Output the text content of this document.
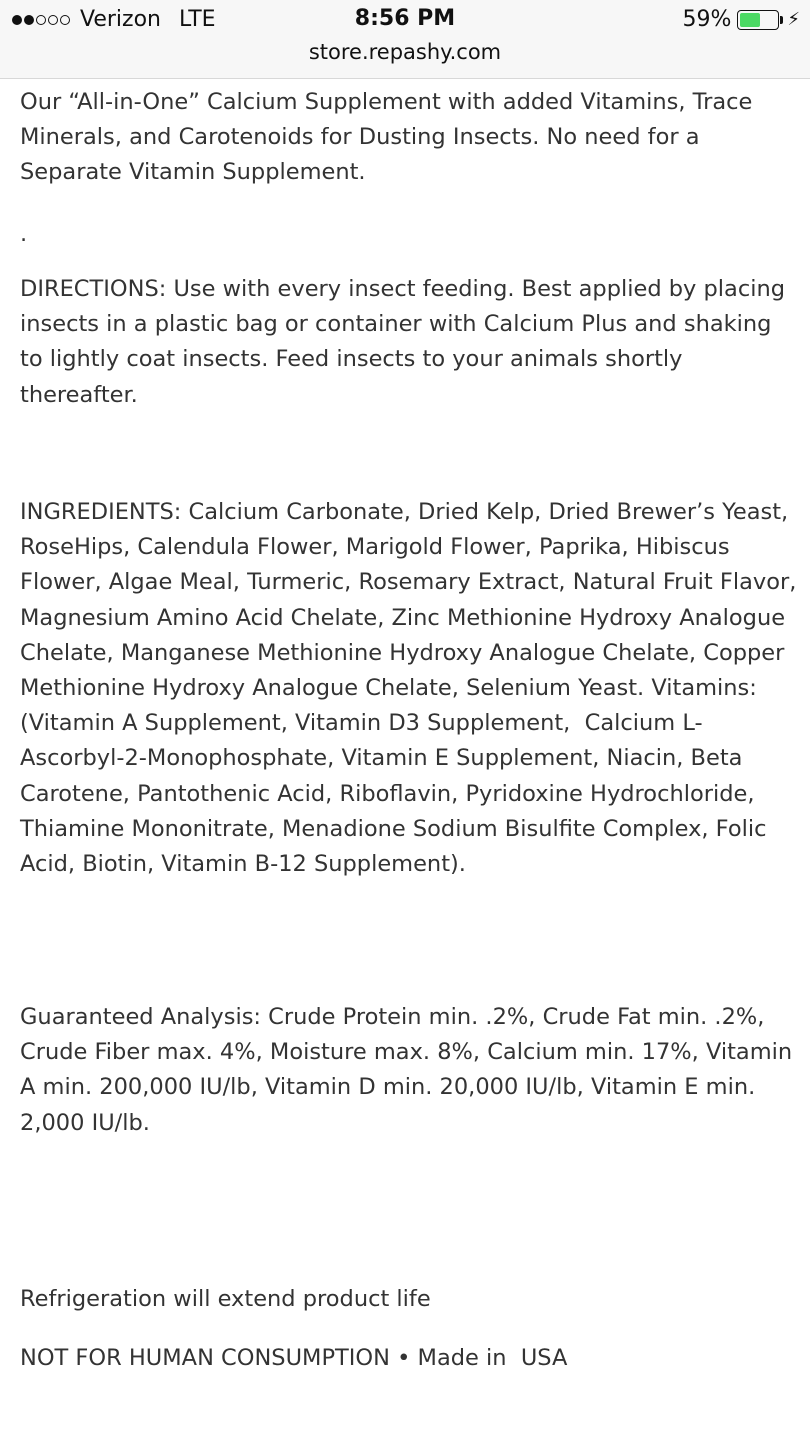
Verizon LTE	8:56 PM	59%	⚡︎
store.repashy.com

Our “All-in-One” Calcium Supplement with added Vitamins, Trace Minerals, and Carotenoids for Dusting Insects. No need for a Separate Vitamin Supplement.

.

DIRECTIONS: Use with every insect feeding. Best applied by placing insects in a plastic bag or container with Calcium Plus and shaking to lightly coat insects. Feed insects to your animals shortly thereafter.

INGREDIENTS: Calcium Carbonate, Dried Kelp, Dried Brewer’s Yeast, RoseHips, Calendula Flower, Marigold Flower, Paprika, Hibiscus Flower, Algae Meal, Turmeric, Rosemary Extract, Natural Fruit Flavor, Magnesium Amino Acid Chelate, Zinc Methionine Hydroxy Analogue Chelate, Manganese Methionine Hydroxy Analogue Chelate, Copper Methionine Hydroxy Analogue Chelate, Selenium Yeast. Vitamins: (Vitamin A Supplement, Vitamin D3 Supplement,  Calcium L-Ascorbyl-2-Monophosphate, Vitamin E Supplement, Niacin, Beta Carotene, Pantothenic Acid, Riboflavin, Pyridoxine Hydrochloride, Thiamine Mononitrate, Menadione Sodium Bisulfite Complex, Folic Acid, Biotin, Vitamin B-12 Supplement).

Guaranteed Analysis: Crude Protein min. .2%, Crude Fat min. .2%, Crude Fiber max. 4%, Moisture max. 8%, Calcium min. 17%, Vitamin A min. 200,000 IU/lb, Vitamin D min. 20,000 IU/lb, Vitamin E min. 2,000 IU/lb.

Refrigeration will extend product life

NOT FOR HUMAN CONSUMPTION • Made in  USA
